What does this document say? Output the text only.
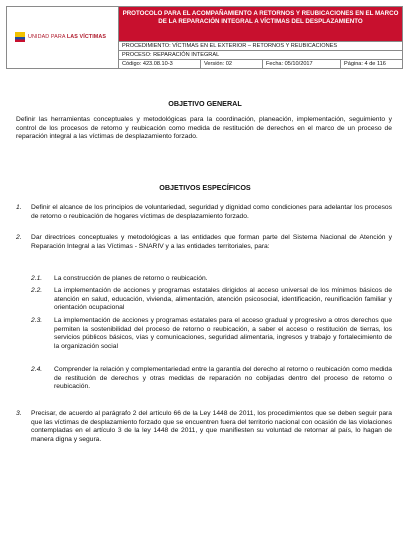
UNIDAD PARA LAS VÍCTIMAS
PROTOCOLO PARA EL ACOMPAÑAMIENTO A RETORNOS Y REUBICACIONES EN EL MARCO DE LA REPARACIÓN INTEGRAL A VÍCTIMAS DEL DESPLAZAMIENTO
PROCEDIMIENTO: VÍCTIMAS EN EL EXTERIOR – RETORNOS Y REUBICACIONES
PROCESO: REPARACIÓN INTEGRAL
Código: 423.08.10-3	Versión: 02	Fecha: 05/10/2017	Página: 4 de 116
OBJETIVO GENERAL
Definir las herramientas conceptuales y metodológicas para la coordinación, planeación, implementación, seguimiento y control de los procesos de retorno y reubicación como medida de restitución de derechos en el marco de un proceso de reparación integral a las víctimas de desplazamiento forzado.
OBJETIVOS ESPECÍFICOS
1. Definir el alcance de los principios de voluntariedad, seguridad y dignidad como condiciones para adelantar los procesos de retorno o reubicación de hogares víctimas de desplazamiento forzado.
2. Dar directrices conceptuales y metodológicas a las entidades que forman parte del Sistema Nacional de Atención y Reparación Integral a las Víctimas - SNARIV y a las entidades territoriales, para:
2.1. La construcción de planes de retorno o reubicación.
2.2. La implementación de acciones y programas estatales dirigidos al acceso universal de los mínimos básicos de atención en salud, educación, vivienda, alimentación, atención psicosocial, identificación, reunificación familiar y orientación ocupacional
2.3. La implementación de acciones y programas estatales para el acceso gradual y progresivo a otros derechos que permiten la sostenibilidad del proceso de retorno o reubicación, a saber el acceso o restitución de tierras, los servicios públicos básicos, vías y comunicaciones, seguridad alimentaria, ingresos y trabajo y fortalecimiento de la organización social
2.4. Comprender la relación y complementariedad entre la garantía del derecho al retorno o reubicación como medida de restitución de derechos y otras medidas de reparación no cobijadas dentro del proceso de retorno o reubicación.
3. Precisar, de acuerdo al parágrafo 2 del artículo 66 de la Ley 1448 de 2011, los procedimientos que se deben seguir para que las víctimas de desplazamiento forzado que se encuentren fuera del territorio nacional con ocasión de las violaciones contempladas en el artículo 3 de la ley 1448 de 2011, y que manifiesten su voluntad de retornar al país, lo hagan de manera digna y segura.
